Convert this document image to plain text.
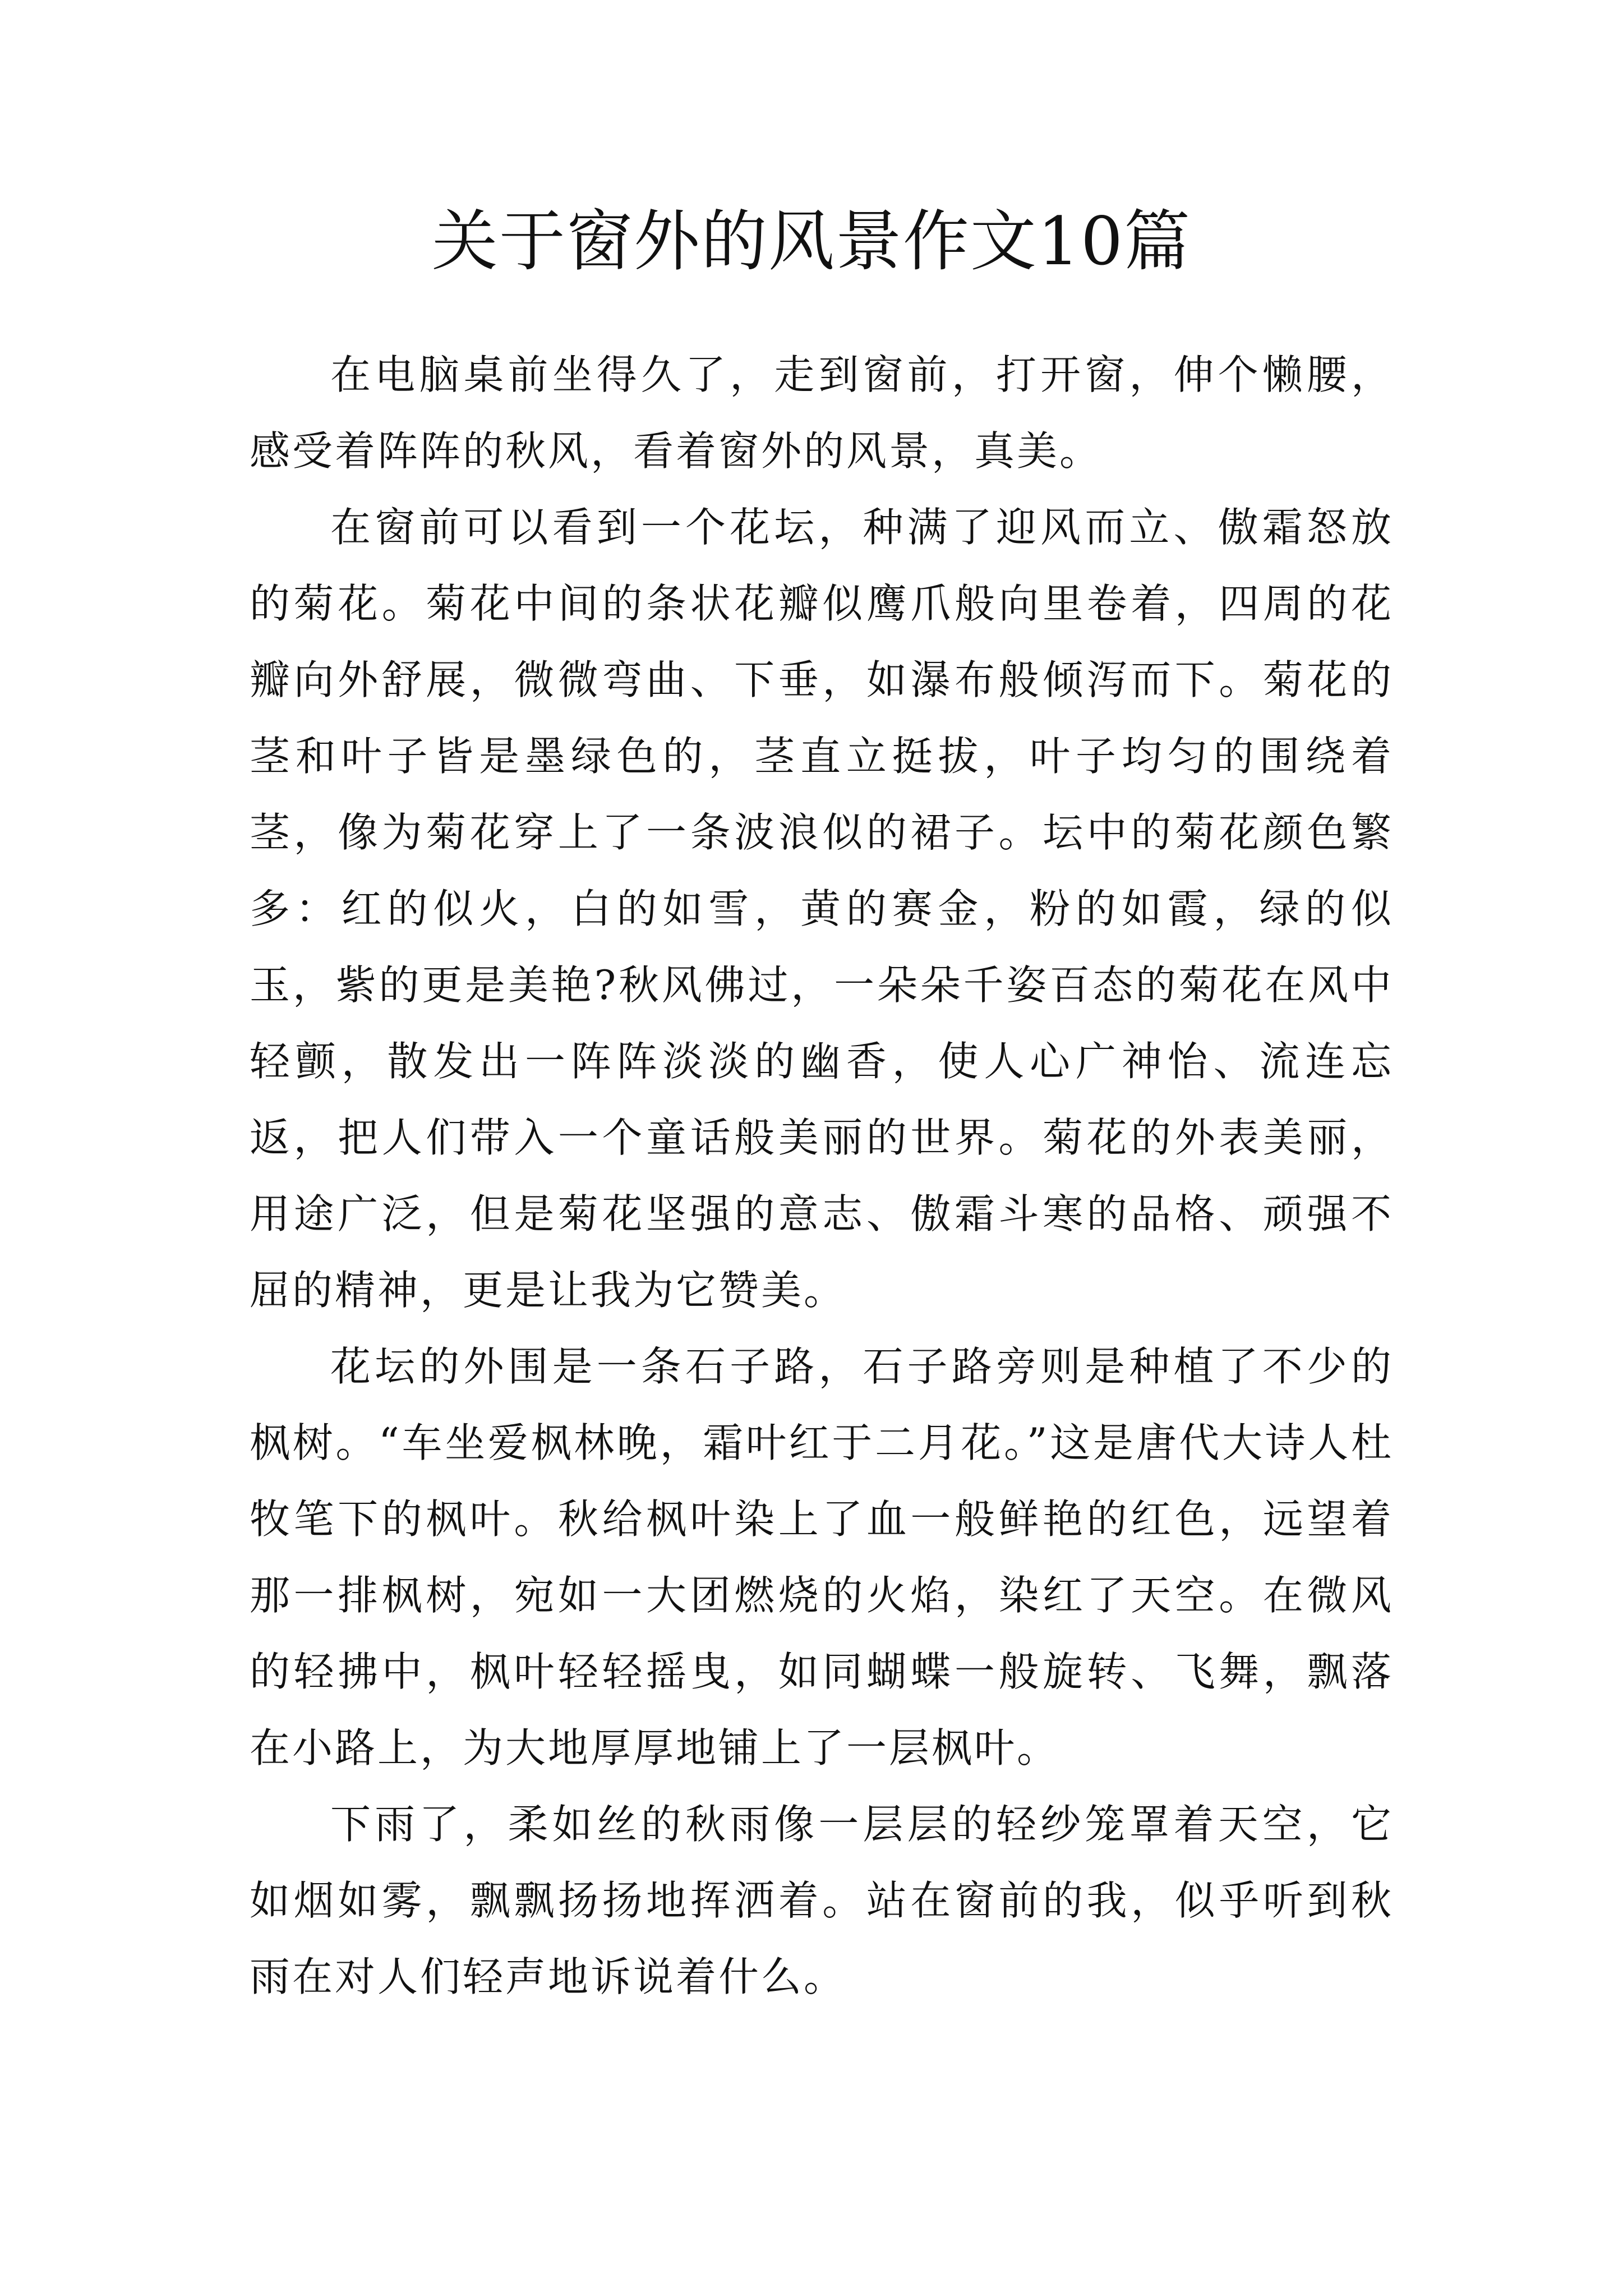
关于窗外的风景作文10篇

在电脑桌前坐得久了，走到窗前，打开窗，伸个懒腰，感受着阵阵的秋风，看着窗外的风景，真美。

在窗前可以看到一个花坛，种满了迎风而立、傲霜怒放的菊花。菊花中间的条状花瓣似鹰爪般向里卷着，四周的花瓣向外舒展，微微弯曲、下垂，如瀑布般倾泻而下。菊花的茎和叶子皆是墨绿色的，茎直立挺拔，叶子均匀的围绕着茎，像为菊花穿上了一条波浪似的裙子。坛中的菊花颜色繁多：红的似火，白的如雪，黄的赛金，粉的如霞，绿的似玉，紫的更是美艳?秋风佛过，一朵朵千姿百态的菊花在风中轻颤，散发出一阵阵淡淡的幽香，使人心广神怡、流连忘返，把人们带入一个童话般美丽的世界。菊花的外表美丽，用途广泛，但是菊花坚强的意志、傲霜斗寒的品格、顽强不屈的精神，更是让我为它赞美。

花坛的外围是一条石子路，石子路旁则是种植了不少的枫树。“车坐爱枫林晚，霜叶红于二月花。”这是唐代大诗人杜牧笔下的枫叶。秋给枫叶染上了血一般鲜艳的红色，远望着那一排枫树，宛如一大团燃烧的火焰，染红了天空。在微风的轻拂中，枫叶轻轻摇曳，如同蝴蝶一般旋转、飞舞，飘落在小路上，为大地厚厚地铺上了一层枫叶。

下雨了，柔如丝的秋雨像一层层的轻纱笼罩着天空，它如烟如雾，飘飘扬扬地挥洒着。站在窗前的我，似乎听到秋雨在对人们轻声地诉说着什么。
